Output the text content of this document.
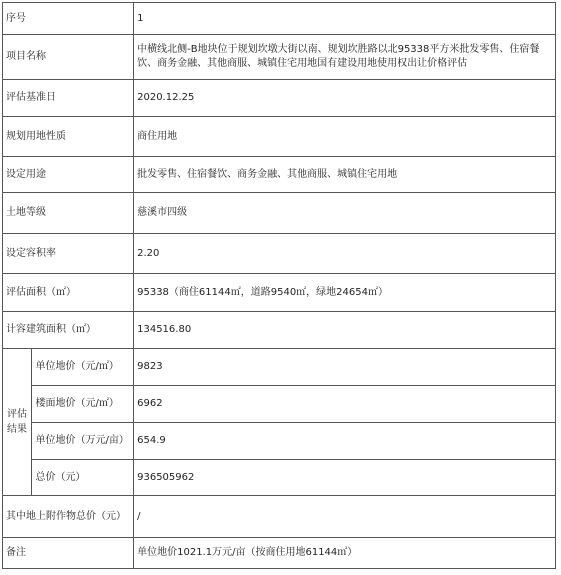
序号		1
项目名称		中横线北侧-B地块位于规划坎墩大街以南、规划坎胜路以北95338平方米批发零售、住宿餐饮、商务金融、其他商服、城镇住宅用地国有建设用地使用权出让价格评估
评估基准日		2020.12.25
规划用地性质		商住用地
设定用途		批发零售、住宿餐饮、商务金融、其他商服、城镇住宅用地
土地等级		慈溪市四级
设定容积率		2.20
评估面积（㎡）		95338（商住61144㎡，道路9540㎡，绿地24654㎡）
计容建筑面积（㎡）		134516.80
评估
结果	单位地价（元/㎡）	9823
	楼面地价（元/㎡）	6962
	单位地价（万元/亩）	654.9
	总价（元）	936505962
其中地上附作物总价（元）		/
备注		单位地价1021.1万元/亩（按商住用地61144㎡）
